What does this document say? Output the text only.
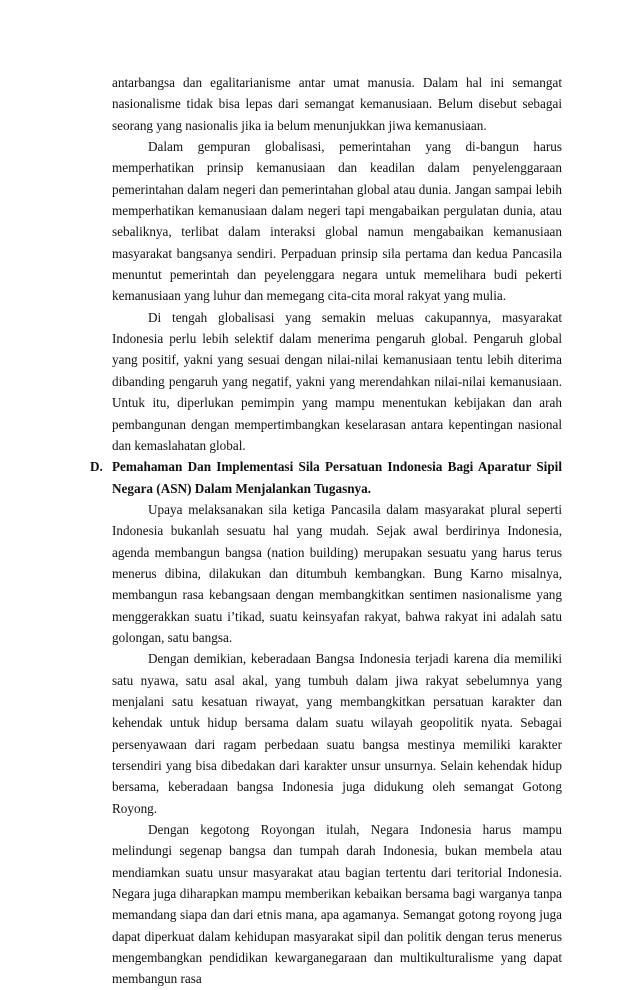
antarbangsa dan egalitarianisme antar umat manusia. Dalam hal ini semangat nasionalisme tidak bisa lepas dari semangat kemanusiaan. Belum disebut sebagai seorang yang nasionalis jika ia belum menunjukkan jiwa kemanusiaan.

Dalam gempuran globalisasi, pemerintahan yang di-bangun harus memperhatikan prinsip kemanusiaan dan keadilan dalam penyelenggaraan pemerintahan dalam negeri dan pemerintahan global atau dunia. Jangan sampai lebih memperhatikan kemanusiaan dalam negeri tapi mengabaikan pergulatan dunia, atau sebaliknya, terlibat dalam interaksi global namun mengabaikan kemanusiaan masyarakat bangsanya sendiri. Perpaduan prinsip sila pertama dan kedua Pancasila menuntut pemerintah dan peyelenggara negara untuk memelihara budi pekerti kemanusiaan yang luhur dan memegang cita-cita moral rakyat yang mulia.

Di tengah globalisasi yang semakin meluas cakupannya, masyarakat Indonesia perlu lebih selektif dalam menerima pengaruh global. Pengaruh global yang positif, yakni yang sesuai dengan nilai-nilai kemanusiaan tentu lebih diterima dibanding pengaruh yang negatif, yakni yang merendahkan nilai-nilai kemanusiaan. Untuk itu, diperlukan pemimpin yang mampu menentukan kebijakan dan arah pembangunan dengan mempertimbangkan keselarasan antara kepentingan nasional dan kemaslahatan global.

D. Pemahaman Dan Implementasi Sila Persatuan Indonesia Bagi Aparatur Sipil Negara (ASN) Dalam Menjalankan Tugasnya.

Upaya melaksanakan sila ketiga Pancasila dalam masyarakat plural seperti Indonesia bukanlah sesuatu hal yang mudah. Sejak awal berdirinya Indonesia, agenda membangun bangsa (nation building) merupakan sesuatu yang harus terus menerus dibina, dilakukan dan ditumbuh kembangkan. Bung Karno misalnya, membangun rasa kebangsaan dengan membangkitkan sentimen nasionalisme yang menggerakkan suatu i’tikad, suatu keinsyafan rakyat, bahwa rakyat ini adalah satu golongan, satu bangsa.

Dengan demikian, keberadaan Bangsa Indonesia terjadi karena dia memiliki satu nyawa, satu asal akal, yang tumbuh dalam jiwa rakyat sebelumnya yang menjalani satu kesatuan riwayat, yang membangkitkan persatuan karakter dan kehendak untuk hidup bersama dalam suatu wilayah geopolitik nyata. Sebagai persenyawaan dari ragam perbedaan suatu bangsa mestinya memiliki karakter tersendiri yang bisa dibedakan dari karakter unsur unsurnya. Selain kehendak hidup bersama, keberadaan bangsa Indonesia juga didukung oleh semangat Gotong Royong.

Dengan kegotong Royongan itulah, Negara Indonesia harus mampu melindungi segenap bangsa dan tumpah darah Indonesia, bukan membela atau mendiamkan suatu unsur masyarakat atau bagian tertentu dari teritorial Indonesia. Negara juga diharapkan mampu memberikan kebaikan bersama bagi warganya tanpa memandang siapa dan dari etnis mana, apa agamanya. Semangat gotong royong juga dapat diperkuat dalam kehidupan masyarakat sipil dan politik dengan terus menerus mengembangkan pendidikan kewarganegaraan dan multikulturalisme yang dapat membangun rasa
